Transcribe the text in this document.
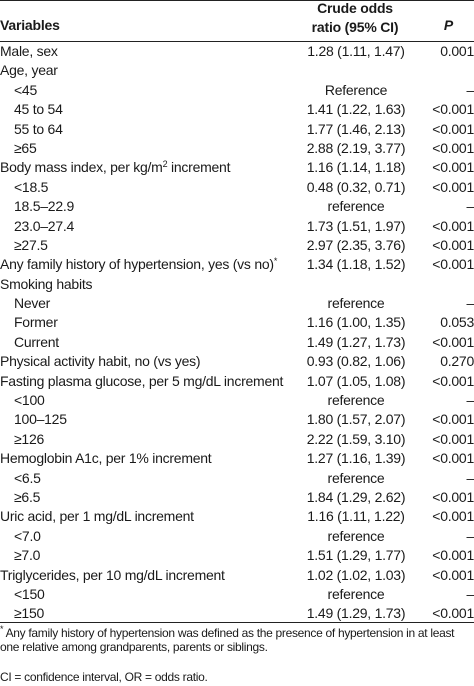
Variables
Crude odds
ratio (95% CI)	P
Male, sex	1.28 (1.11, 1.47)	0.001
Age, year
<45	Reference	–
45 to 54	1.41 (1.22, 1.63)	<0.001
55 to 64	1.77 (1.46, 2.13)	<0.001
≥65	2.88 (2.19, 3.77)	<0.001
Body mass index, per $kg/m^2$ increment	1.16 (1.14, 1.18)	<0.001
<18.5	0.48 (0.32, 0.71)	<0.001
18.5–22.9	reference	–
23.0–27.4	1.73 (1.51, 1.97)	<0.001
≥27.5	2.97 (2.35, 3.76)	<0.001
Any family history of hypertension, yes (vs no)*	1.34 (1.18, 1.52)	<0.001
Smoking habits
Never	reference	–
Former	1.16 (1.00, 1.35)	0.053
Current	1.49 (1.27, 1.73)	<0.001
Physical activity habit, no (vs yes)	0.93 (0.82, 1.06)	0.270
Fasting plasma glucose, per 5 mg/dL increment	1.07 (1.05, 1.08)	<0.001
<100	reference	–
100–125	1.80 (1.57, 2.07)	<0.001
≥126	2.22 (1.59, 3.10)	<0.001
Hemoglobin A1c, per 1% increment	1.27 (1.16, 1.39)	<0.001
<6.5	reference	–
≥6.5	1.84 (1.29, 2.62)	<0.001
Uric acid, per 1 mg/dL increment	1.16 (1.11, 1.22)	<0.001
<7.0	reference	–
≥7.0	1.51 (1.29, 1.77)	<0.001
Triglycerides, per 10 mg/dL increment	1.02 (1.02, 1.03)	<0.001
<150	reference	–
≥150	1.49 (1.29, 1.73)	<0.001
* Any family history of hypertension was defined as the presence of hypertension in at least one relative among grandparents, parents or siblings.
CI = confidence interval, OR = odds ratio.
